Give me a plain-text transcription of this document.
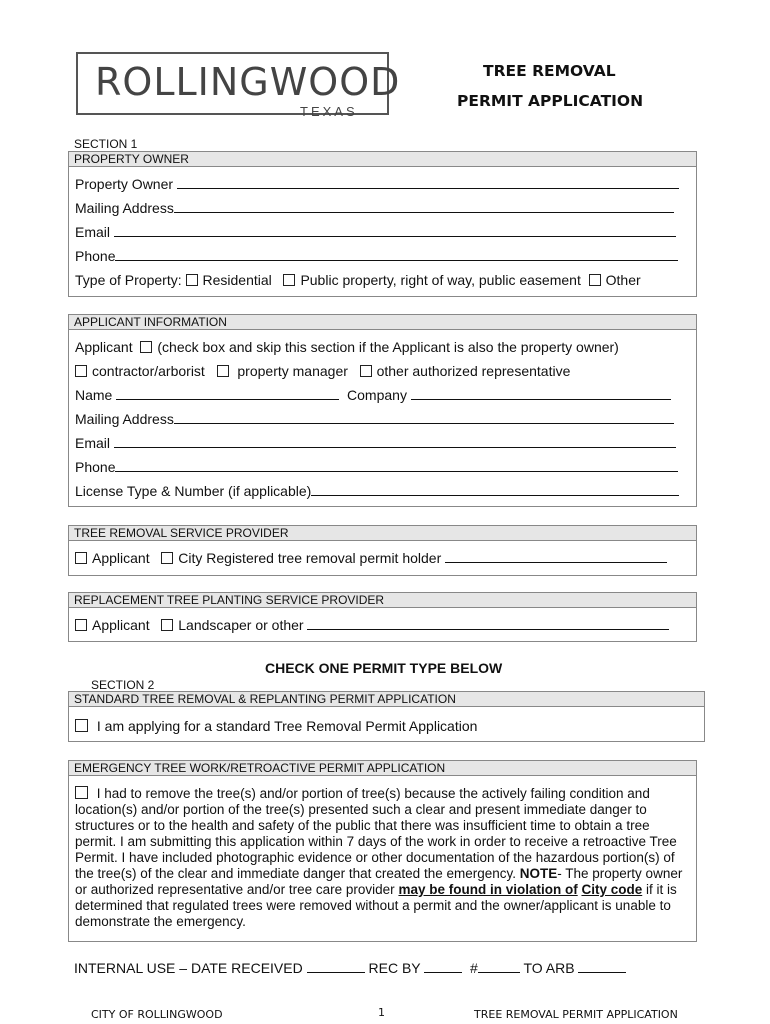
ROLLINGWOOD
TEXAS
TREE REMOVAL
PERMIT APPLICATION
SECTION 1
PROPERTY OWNER
Property Owner
Mailing Address
Email
Phone
Type of Property: Residential Public property, right of way, public easement Other
APPLICANT INFORMATION
Applicant (check box and skip this section if the Applicant is also the property owner)
contractor/arborist property manager other authorized representative
Name	Company
Mailing Address
Email
Phone
License Type & Number (if applicable)
TREE REMOVAL SERVICE PROVIDER
Applicant City Registered tree removal permit holder
REPLACEMENT TREE PLANTING SERVICE PROVIDER
Applicant Landscaper or other
CHECK ONE PERMIT TYPE BELOW
SECTION 2
STANDARD TREE REMOVAL & REPLANTING PERMIT APPLICATION
I am applying for a standard Tree Removal Permit Application
EMERGENCY TREE WORK/RETROACTIVE PERMIT APPLICATION
I had to remove the tree(s) and/or portion of tree(s) because the actively failing condition and location(s) and/or portion of the tree(s) presented such a clear and present immediate danger to structures or to the health and safety of the public that there was insufficient time to obtain a tree permit. I am submitting this application within 7 days of the work in order to receive a retroactive Tree Permit. I have included photographic evidence or other documentation of the hazardous portion(s) of the tree(s) of the clear and immediate danger that created the emergency. NOTE- The property owner or authorized representative and/or tree care provider may be found in violation of City code if it is determined that regulated trees were removed without a permit and the owner/applicant is unable to demonstrate the emergency.
INTERNAL USE – DATE RECEIVED	REC BY	#	TO ARB
CITY OF ROLLINGWOOD	1	TREE REMOVAL PERMIT APPLICATION
